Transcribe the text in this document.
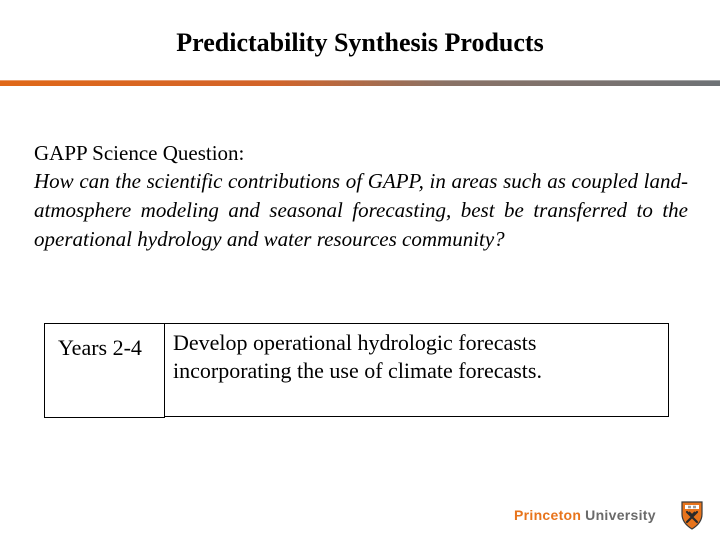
Predictability Synthesis Products

GAPP Science Question:

How can the scientific contributions of GAPP, in areas such as coupled land-atmosphere modeling and seasonal forecasting, best be transferred to the operational hydrology and water resources community?

Years 2-4 Develop operational hydrologic forecasts
incorporating the use of climate forecasts.

Princeton University
